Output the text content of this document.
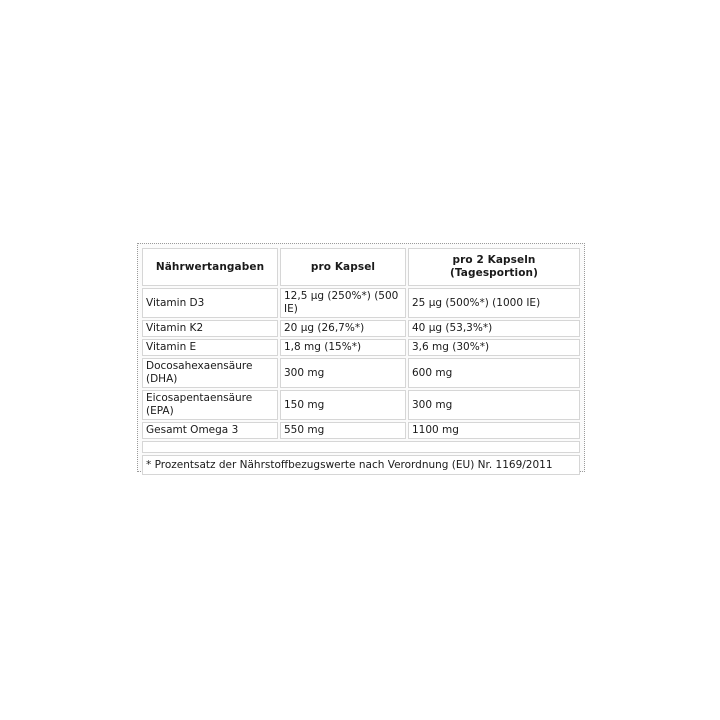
Nährwertangaben	pro Kapsel	pro 2 Kapseln
(Tagesportion)
Vitamin D3	12,5 µg (250%*) (500 IE)	25 µg (500%*) (1000 IE)
Vitamin K2	20 µg (26,7%*)	40 µg (53,3%*)
Vitamin E	1,8 mg (15%*)	3,6 mg (30%*)
Docosahexaensäure (DHA)	300 mg	600 mg
Eicosapentaensäure (EPA)	150 mg	300 mg
Gesamt Omega 3	550 mg	1100 mg

* Prozentsatz der Nährstoffbezugswerte nach Verordnung (EU) Nr. 1169/2011		
